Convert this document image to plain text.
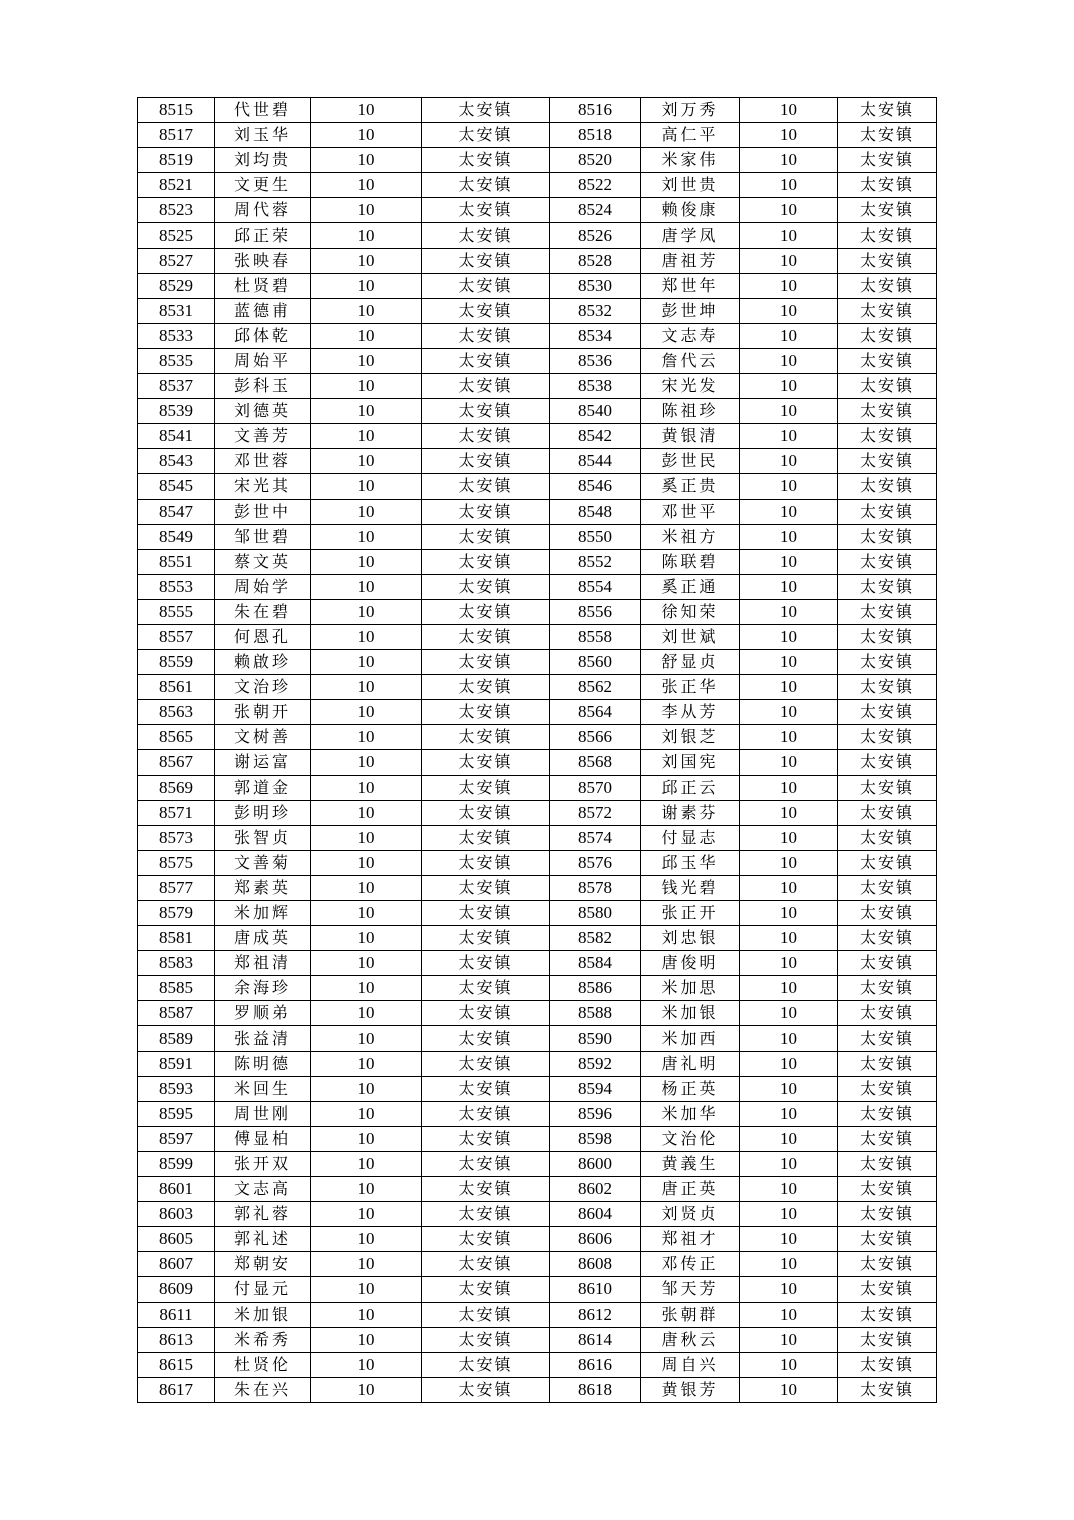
8515	代世碧	10	太安镇	8516	刘万秀	10	太安镇
8517	刘玉华	10	太安镇	8518	高仁平	10	太安镇
8519	刘均贵	10	太安镇	8520	米家伟	10	太安镇
8521	文更生	10	太安镇	8522	刘世贵	10	太安镇
8523	周代蓉	10	太安镇	8524	赖俊康	10	太安镇
8525	邱正荣	10	太安镇	8526	唐学凤	10	太安镇
8527	张映春	10	太安镇	8528	唐祖芳	10	太安镇
8529	杜贤碧	10	太安镇	8530	郑世年	10	太安镇
8531	蓝德甫	10	太安镇	8532	彭世坤	10	太安镇
8533	邱体乾	10	太安镇	8534	文志寿	10	太安镇
8535	周始平	10	太安镇	8536	詹代云	10	太安镇
8537	彭科玉	10	太安镇	8538	宋光发	10	太安镇
8539	刘德英	10	太安镇	8540	陈祖珍	10	太安镇
8541	文善芳	10	太安镇	8542	黄银清	10	太安镇
8543	邓世蓉	10	太安镇	8544	彭世民	10	太安镇
8545	宋光其	10	太安镇	8546	奚正贵	10	太安镇
8547	彭世中	10	太安镇	8548	邓世平	10	太安镇
8549	邹世碧	10	太安镇	8550	米祖方	10	太安镇
8551	蔡文英	10	太安镇	8552	陈联碧	10	太安镇
8553	周始学	10	太安镇	8554	奚正通	10	太安镇
8555	朱在碧	10	太安镇	8556	徐知荣	10	太安镇
8557	何恩孔	10	太安镇	8558	刘世斌	10	太安镇
8559	赖啟珍	10	太安镇	8560	舒显贞	10	太安镇
8561	文治珍	10	太安镇	8562	张正华	10	太安镇
8563	张朝开	10	太安镇	8564	李从芳	10	太安镇
8565	文树善	10	太安镇	8566	刘银芝	10	太安镇
8567	谢运富	10	太安镇	8568	刘国宪	10	太安镇
8569	郭道金	10	太安镇	8570	邱正云	10	太安镇
8571	彭明珍	10	太安镇	8572	谢素芬	10	太安镇
8573	张智贞	10	太安镇	8574	付显志	10	太安镇
8575	文善菊	10	太安镇	8576	邱玉华	10	太安镇
8577	郑素英	10	太安镇	8578	钱光碧	10	太安镇
8579	米加辉	10	太安镇	8580	张正开	10	太安镇
8581	唐成英	10	太安镇	8582	刘忠银	10	太安镇
8583	郑祖清	10	太安镇	8584	唐俊明	10	太安镇
8585	余海珍	10	太安镇	8586	米加思	10	太安镇
8587	罗顺弟	10	太安镇	8588	米加银	10	太安镇
8589	张益清	10	太安镇	8590	米加西	10	太安镇
8591	陈明德	10	太安镇	8592	唐礼明	10	太安镇
8593	米回生	10	太安镇	8594	杨正英	10	太安镇
8595	周世刚	10	太安镇	8596	米加华	10	太安镇
8597	傅显柏	10	太安镇	8598	文治伦	10	太安镇
8599	张开双	10	太安镇	8600	黄義生	10	太安镇
8601	文志高	10	太安镇	8602	唐正英	10	太安镇
8603	郭礼蓉	10	太安镇	8604	刘贤贞	10	太安镇
8605	郭礼述	10	太安镇	8606	郑祖才	10	太安镇
8607	郑朝安	10	太安镇	8608	邓传正	10	太安镇
8609	付显元	10	太安镇	8610	邹天芳	10	太安镇
8611	米加银	10	太安镇	8612	张朝群	10	太安镇
8613	米希秀	10	太安镇	8614	唐秋云	10	太安镇
8615	杜贤伦	10	太安镇	8616	周自兴	10	太安镇
8617	朱在兴	10	太安镇	8618	黄银芳	10	太安镇
